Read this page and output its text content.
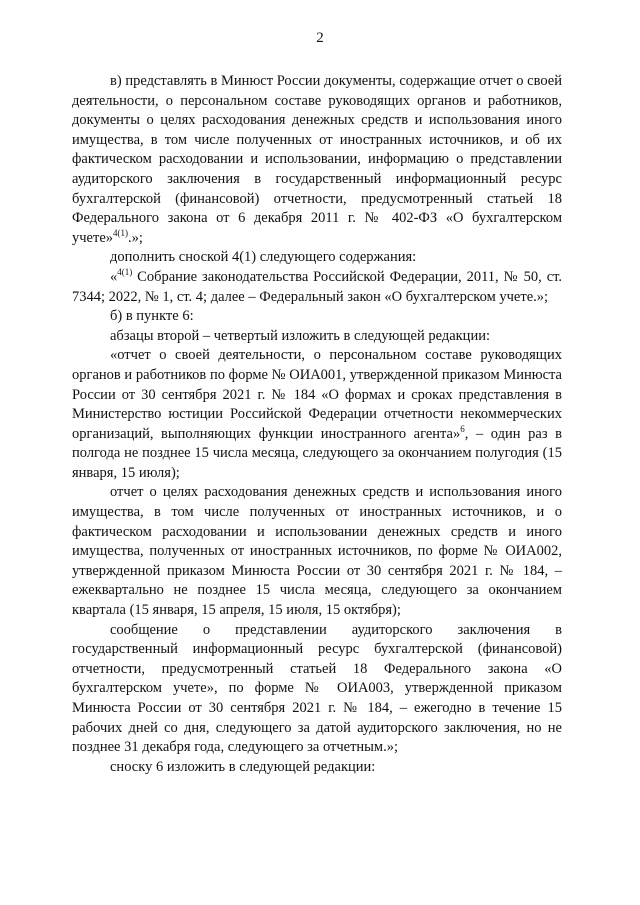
2

в) представлять в Минюст России документы, содержащие отчет о своей деятельности, о персональном составе руководящих органов и работников, документы о целях расходования денежных средств и использования иного имущества, в том числе полученных от иностранных источников, и об их фактическом расходовании и использовании, информацию о представлении аудиторского заключения в государственный информационный ресурс бухгалтерской (финансовой) отчетности, предусмотренный статьей 18 Федерального закона от 6 декабря 2011 г. № 402-ФЗ «О бухгалтерском учете»$^{4(1)}$.»;

дополнить сноской 4(1) следующего содержания:

«$^{4(1)}$ Собрание законодательства Российской Федерации, 2011, № 50, ст. 7344; 2022, № 1, ст. 4; далее – Федеральный закон «О бухгалтерском учете.»;

б) в пункте 6:

абзацы второй – четвертый изложить в следующей редакции:

«отчет о своей деятельности, о персональном составе руководящих органов и работников по форме № ОИА001, утвержденной приказом Минюста России от 30 сентября 2021 г. № 184 «О формах и сроках представления в Министерство юстиции Российской Федерации отчетности некоммерческих организаций, выполняющих функции иностранного агента»$^6$, – один раз в полгода не позднее 15 числа месяца, следующего за окончанием полугодия (15 января, 15 июля);

отчет о целях расходования денежных средств и использования иного имущества, в том числе полученных от иностранных источников, и о фактическом расходовании и использовании денежных средств и иного имущества, полученных от иностранных источников, по форме № ОИА002, утвержденной приказом Минюста России от 30 сентября 2021 г. № 184, – ежеквартально не позднее 15 числа месяца, следующего за окончанием квартала (15 января, 15 апреля, 15 июля, 15 октября);

сообщение о представлении аудиторского заключения в государственный информационный ресурс бухгалтерской (финансовой) отчетности, предусмотренный статьей 18 Федерального закона «О бухгалтерском учете», по форме № ОИА003, утвержденной приказом Минюста России от 30 сентября 2021 г. № 184, – ежегодно в течение 15 рабочих дней со дня, следующего за датой аудиторского заключения, но не позднее 31 декабря года, следующего за отчетным.»;

сноску 6 изложить в следующей редакции:
